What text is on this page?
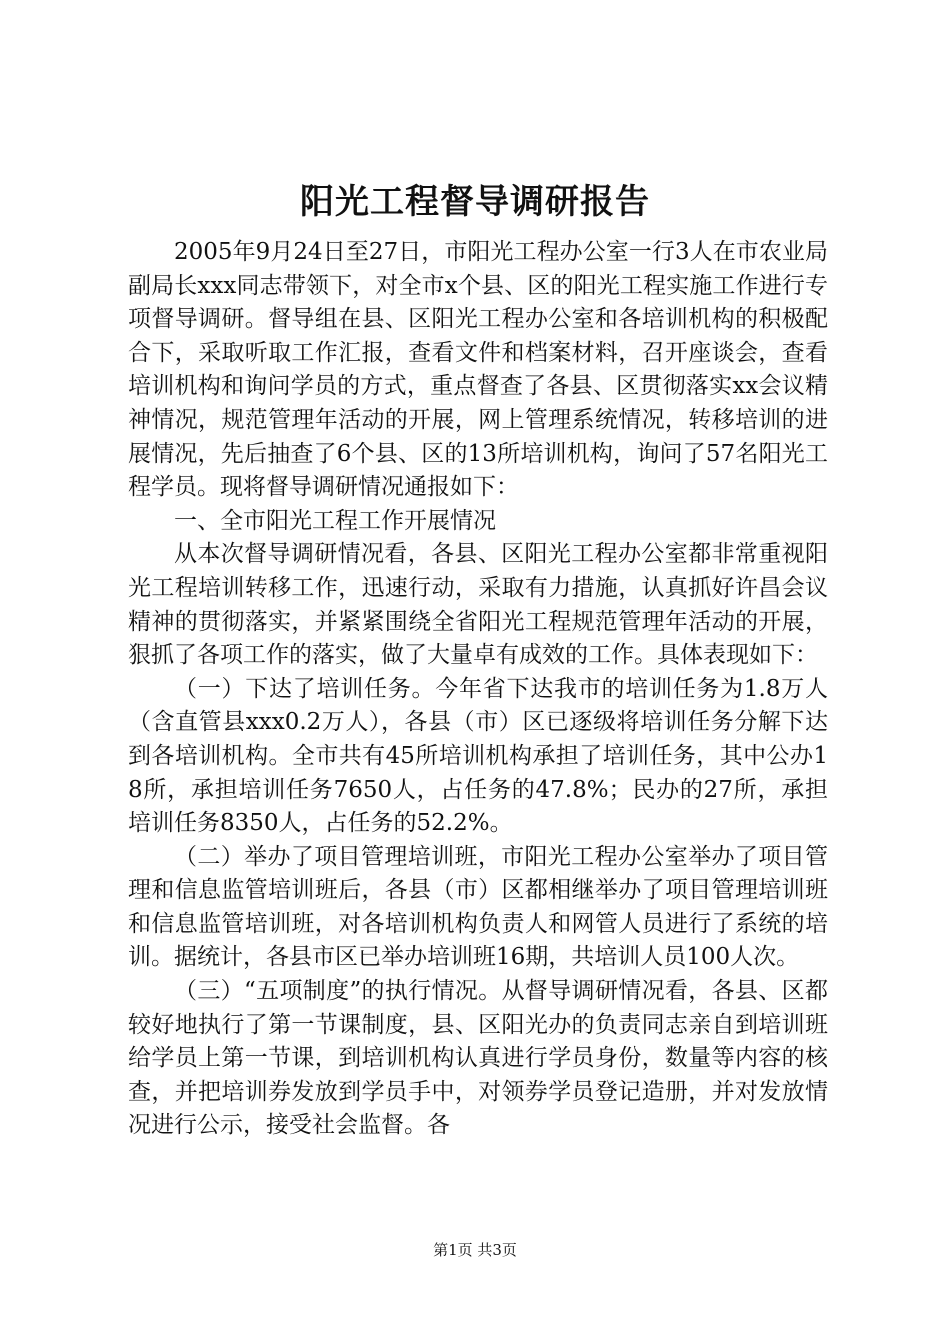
阳光工程督导调研报告

2005年9月24日至27日，市阳光工程办公室一行3人在市农业局副局长xxx同志带领下，对全市x个县、区的阳光工程实施工作进行专项督导调研。督导组在县、区阳光工程办公室和各培训机构的积极配合下，采取听取工作汇报，查看文件和档案材料，召开座谈会，查看培训机构和询问学员的方式，重点督查了各县、区贯彻落实xx会议精神情况，规范管理年活动的开展，网上管理系统情况，转移培训的进展情况，先后抽查了6个县、区的13所培训机构，询问了57名阳光工程学员。现将督导调研情况通报如下：

一、全市阳光工程工作开展情况

从本次督导调研情况看，各县、区阳光工程办公室都非常重视阳光工程培训转移工作，迅速行动，采取有力措施，认真抓好许昌会议精神的贯彻落实，并紧紧围绕全省阳光工程规范管理年活动的开展，狠抓了各项工作的落实，做了大量卓有成效的工作。具体表现如下：

（一）下达了培训任务。今年省下达我市的培训任务为1.8万人（含直管县xxx0.2万人），各县（市）区已逐级将培训任务分解下达到各培训机构。全市共有45所培训机构承担了培训任务，其中公办18所，承担培训任务7650人，占任务的47.8%；民办的27所，承担培训任务8350人，占任务的52.2%。

（二）举办了项目管理培训班，市阳光工程办公室举办了项目管理和信息监管培训班后，各县（市）区都相继举办了项目管理培训班和信息监管培训班，对各培训机构负责人和网管人员进行了系统的培训。据统计，各县市区已举办培训班16期，共培训人员100人次。

（三）“五项制度”的执行情况。从督导调研情况看，各县、区都较好地执行了第一节课制度，县、区阳光办的负责同志亲自到培训班给学员上第一节课，到培训机构认真进行学员身份，数量等内容的核查，并把培训券发放到学员手中，对领券学员登记造册，并对发放情况进行公示，接受社会监督。各

第1页 共3页
